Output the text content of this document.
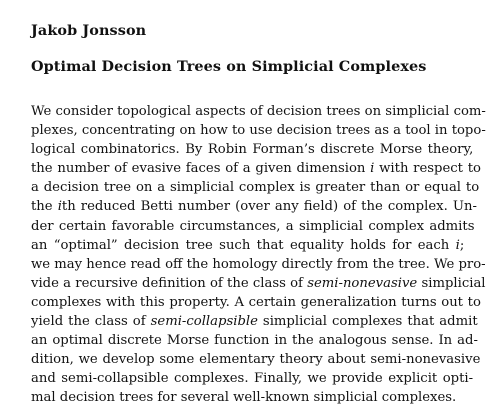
Jakob Jonsson
Optimal Decision Trees on Simplicial Complexes
We consider topological aspects of decision trees on simplicial com-
plexes, concentrating on how to use decision trees as a tool in topo-
logical combinatorics. By Robin Forman’s discrete Morse theory,
the number of evasive faces of a given dimension i with respect to
a decision tree on a simplicial complex is greater than or equal to
the ith reduced Betti number (over any field) of the complex. Un-
der certain favorable circumstances, a simplicial complex admits
an “optimal” decision tree such that equality holds for each i;
we may hence read off the homology directly from the tree. We pro-
vide a recursive definition of the class of semi-nonevasive simplicial
complexes with this property. A certain generalization turns out to
yield the class of semi-collapsible simplicial complexes that admit
an optimal discrete Morse function in the analogous sense. In ad-
dition, we develop some elementary theory about semi-nonevasive
and semi-collapsible complexes. Finally, we provide explicit opti-
mal decision trees for several well-known simplicial complexes.
